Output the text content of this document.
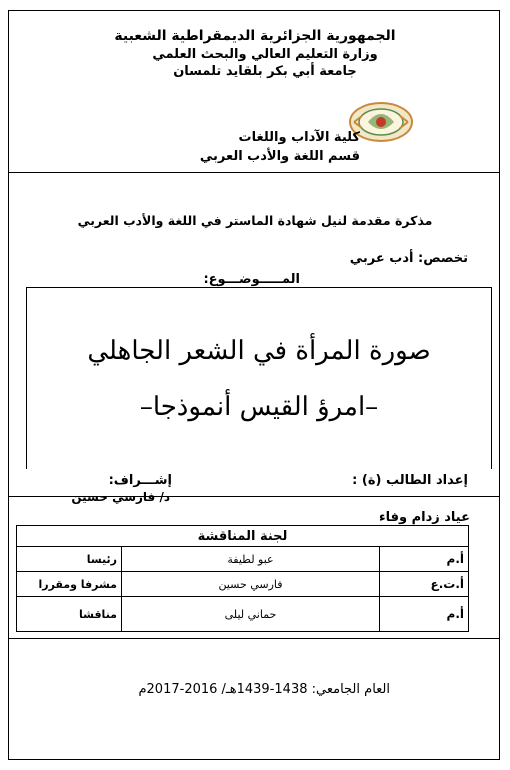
الجمهورية الجزائرية الديمقراطية الشعبية
وزارة التعليم العالي والبحث العلمي
جامعة أبي بكر بلقايد تلمسان
كلية الآداب واللغات
قسم اللغة والأدب العربي
مذكرة مقدمة لنيل شهادة الماستر في اللغة والأدب العربي
تخصص: أدب عربي
المـــــوضـــوع:
صورة المرأة في الشعر الجاهلي
–امرؤ القيس أنموذجا–
إعداد الطالب (ة) :
عياد زدام وفاء
إشـــراف:
د/ فارسي حسين
لجنة المناقشة		
رئيسا	عبو لطيفة	أ.م
مشرفا ومقررا	فارسي حسين	أ.ت.ع
مناقشا	حماني ليلى	أ.م
العام الجامعي: 1438-1439هـ/ 2016-2017م
